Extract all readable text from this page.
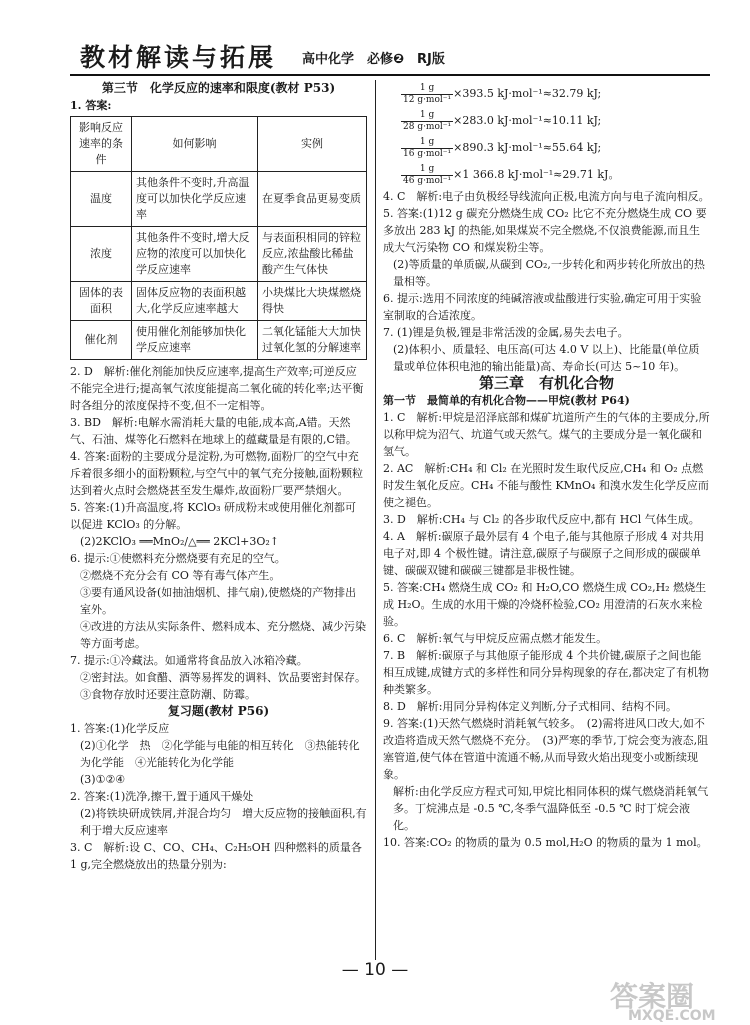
教材解读与拓展 高中化学　必修❷　RJ版

第三节　化学反应的速率和限度(教材 P53)

1. 答案:

影响反应速率的条件	如何影响	实例
温度	其他条件不变时,升高温度可以加快化学反应速率	在夏季食品更易变质
浓度	其他条件不变时,增大反应物的浓度可以加快化学反应速率	与表面积相同的锌粒反应,浓盐酸比稀盐酸产生气体快
固体的表面积	固体反应物的表面积越大,化学反应速率越大	小块煤比大块煤燃烧得快
催化剂	使用催化剂能够加快化学反应速率	二氧化锰能大大加快过氧化氢的分解速率

2. D　解析:催化剂能加快反应速率,提高生产效率;可逆反应不能完全进行;提高氧气浓度能提高二氧化硫的转化率;达平衡时各组分的浓度保持不变,但不一定相等。

3. BD　解析:电解水需消耗大量的电能,成本高,A错。天然气、石油、煤等化石燃料在地球上的蕴藏量是有限的,C错。

4. 答案:面粉的主要成分是淀粉,为可燃物,面粉厂的空气中充斥着很多细小的面粉颗粒,与空气中的氧气充分接触,面粉颗粒达到着火点时会燃烧甚至发生爆炸,故面粉厂要严禁烟火。

5. 答案:(1)升高温度,将 KClO₃ 研成粉末或使用催化剂都可以促进 KClO₃ 的分解。

(2)2KClO₃ ══MnO₂/△══ 2KCl+3O₂↑

6. 提示:①使燃料充分燃烧要有充足的空气。

②燃烧不充分会有 CO 等有毒气体产生。

③要有通风设备(如抽油烟机、排气扇),使燃烧的产物排出室外。

④改进的方法从实际条件、燃料成本、充分燃烧、减少污染等方面考虑。

7. 提示:①冷藏法。如通常将食品放入冰箱冷藏。

②密封法。如食醋、酒等易挥发的调料、饮品要密封保存。

③食物存放时还要注意防潮、防霉。

复习题(教材 P56)

1. 答案:(1)化学反应

(2)①化学　热　②化学能与电能的相互转化　③热能转化为化学能　④光能转化为化学能

(3)①②④

2. 答案:(1)洗净,擦干,置于通风干燥处

(2)将铁块研成铁屑,并混合均匀　增大反应物的接触面积,有利于增大反应速率

3. C　解析:设 C、CO、CH₄、C₂H₅OH 四种燃料的质量各 1 g,完全燃烧放出的热量分别为:

$\frac{1 g}{\text{12 g·mol⁻¹}} \times 393.5$ kJ·mol⁻¹≈32.79 kJ;
$\frac{1 g}{\text{28 g·mol⁻¹}} \times 283.0$ kJ·mol⁻¹≈10.11 kJ;
$\frac{1 g}{\text{16 g·mol⁻¹}} \times 890.3$ kJ·mol⁻¹≈55.64 kJ;
$\frac{1 g}{\text{46 g·mol⁻¹}} \times 1$ 366.8 kJ·mol⁻¹≈29.71 kJ。

4. C　解析:电子由负极经导线流向正极,电流方向与电子流向相反。

5. 答案:(1)12 g 碳充分燃烧生成 CO₂ 比它不充分燃烧生成 CO 要多放出 283 kJ 的热能,如果煤炭不完全燃烧,不仅浪费能源,而且生成大气污染物 CO 和煤炭粉尘等。

(2)等质量的单质碳,从碳到 CO₂,一步转化和两步转化所放出的热量相等。

6. 提示:选用不同浓度的纯碱溶液或盐酸进行实验,确定可用于实验室制取的合适浓度。

7. (1)锂是负极,锂是非常活泼的金属,易失去电子。

(2)体积小、质量轻、电压高(可达 4.0 V 以上)、比能量(单位质量或单位体积电池的输出能量)高、寿命长(可达 5~10 年)。

第三章　有机化合物

第一节　最简单的有机化合物——甲烷(教材 P64)

1. C　解析:甲烷是沼泽底部和煤矿坑道所产生的气体的主要成分,所以称甲烷为沼气、坑道气或天然气。煤气的主要成分是一氧化碳和氢气。

2. AC　解析:CH₄ 和 Cl₂ 在光照时发生取代反应,CH₄ 和 O₂ 点燃时发生氧化反应。CH₄ 不能与酸性 KMnO₄ 和溴水发生化学反应而使之褪色。

3. D　解析:CH₄ 与 Cl₂ 的各步取代反应中,都有 HCl 气体生成。

4. A　解析:碳原子最外层有 4 个电子,能与其他原子形成 4 对共用电子对,即 4 个极性键。请注意,碳原子与碳原子之间形成的碳碳单键、碳碳双键和碳碳三键都是非极性键。

5. 答案:CH₄ 燃烧生成 CO₂ 和 H₂O,CO 燃烧生成 CO₂,H₂ 燃烧生成 H₂O。生成的水用干燥的冷烧杯检验,CO₂ 用澄清的石灰水来检验。

6. C　解析:氧气与甲烷反应需点燃才能发生。

7. B　解析:碳原子与其他原子能形成 4 个共价键,碳原子之间也能相互成键,成键方式的多样性和同分异构现象的存在,都决定了有机物种类繁多。

8. D　解析:用同分异构体定义判断,分子式相同、结构不同。

9. 答案:(1)天然气燃烧时消耗氧气较多。　(2)需将进风口改大,如不改造将造成天然气燃烧不充分。　(3)严寒的季节,丁烷会变为液态,阻塞管道,使气体在管道中流通不畅,从而导致火焰出现变小或断续现象。

解析:由化学反应方程式可知,甲烷比相同体积的煤气燃烧消耗氧气多。丁烷沸点是 -0.5 ℃,冬季气温降低至 -0.5 ℃ 时丁烷会液化。

10. 答案:CO₂ 的物质的量为 0.5 mol,H₂O 的物质的量为 1 mol。

— 10 —
答案圈
MXQE.COM
